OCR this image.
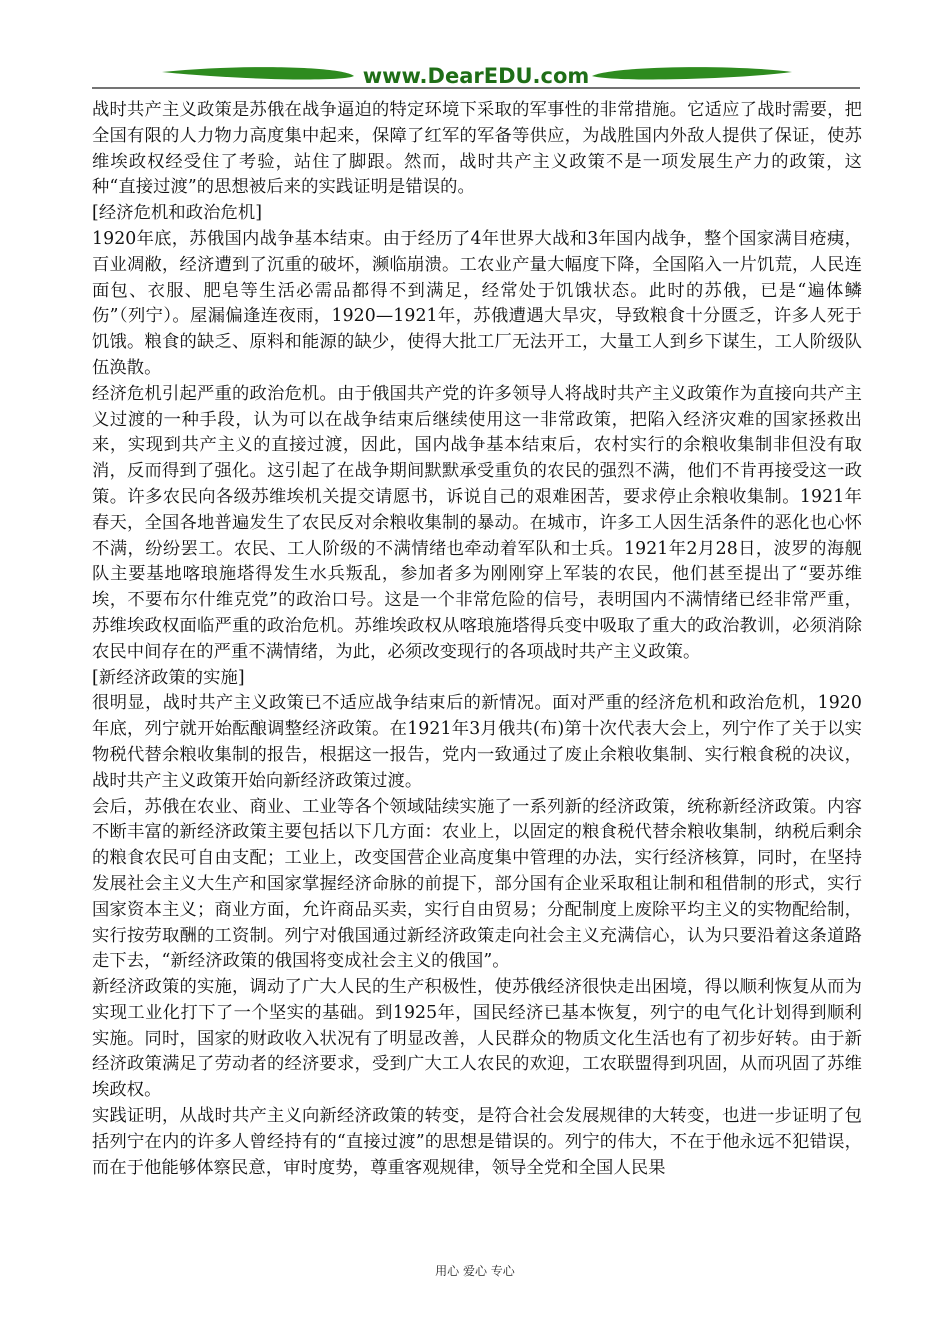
www.DearEDU.com

战时共产主义政策是苏俄在战争逼迫的特定环境下采取的军事性的非常措施。它适应了战时需要，把全国有限的人力物力高度集中起来，保障了红军的军备等供应，为战胜国内外敌人提供了保证，使苏维埃政权经受住了考验，站住了脚跟。然而，战时共产主义政策不是一项发展生产力的政策，这种“直接过渡”的思想被后来的实践证明是错误的。

[经济危机和政治危机]

1920年底，苏俄国内战争基本结束。由于经历了4年世界大战和3年国内战争，整个国家满目疮痍，百业凋敝，经济遭到了沉重的破坏，濒临崩溃。工农业产量大幅度下降，全国陷入一片饥荒，人民连面包、衣服、肥皂等生活必需品都得不到满足，经常处于饥饿状态。此时的苏俄，已是“遍体鳞伤”（列宁）。屋漏偏逢连夜雨，1920—1921年，苏俄遭遇大旱灾，导致粮食十分匮乏，许多人死于饥饿。粮食的缺乏、原料和能源的缺少，使得大批工厂无法开工，大量工人到乡下谋生，工人阶级队伍涣散。

经济危机引起严重的政治危机。由于俄国共产党的许多领导人将战时共产主义政策作为直接向共产主义过渡的一种手段，认为可以在战争结束后继续使用这一非常政策，把陷入经济灾难的国家拯救出来，实现到共产主义的直接过渡，因此，国内战争基本结束后，农村实行的余粮收集制非但没有取消，反而得到了强化。这引起了在战争期间默默承受重负的农民的强烈不满，他们不肯再接受这一政策。许多农民向各级苏维埃机关提交请愿书，诉说自己的艰难困苦，要求停止余粮收集制。1921年春天，全国各地普遍发生了农民反对余粮收集制的暴动。在城市，许多工人因生活条件的恶化也心怀不满，纷纷罢工。农民、工人阶级的不满情绪也牵动着军队和士兵。1921年2月28日，波罗的海舰队主要基地喀琅施塔得发生水兵叛乱，参加者多为刚刚穿上军装的农民，他们甚至提出了“要苏维埃，不要布尔什维克党”的政治口号。这是一个非常危险的信号，表明国内不满情绪已经非常严重，苏维埃政权面临严重的政治危机。苏维埃政权从喀琅施塔得兵变中吸取了重大的政治教训，必须消除农民中间存在的严重不满情绪，为此，必须改变现行的各项战时共产主义政策。

[新经济政策的实施]

很明显，战时共产主义政策已不适应战争结束后的新情况。面对严重的经济危机和政治危机，1920年底，列宁就开始酝酿调整经济政策。在1921年3月俄共(布)第十次代表大会上，列宁作了关于以实物税代替余粮收集制的报告，根据这一报告，党内一致通过了废止余粮收集制、实行粮食税的决议，战时共产主义政策开始向新经济政策过渡。

会后，苏俄在农业、商业、工业等各个领域陆续实施了一系列新的经济政策，统称新经济政策。内容不断丰富的新经济政策主要包括以下几方面：农业上，以固定的粮食税代替余粮收集制，纳税后剩余的粮食农民可自由支配；工业上，改变国营企业高度集中管理的办法，实行经济核算，同时，在坚持发展社会主义大生产和国家掌握经济命脉的前提下，部分国有企业采取租让制和租借制的形式，实行国家资本主义；商业方面，允许商品买卖，实行自由贸易；分配制度上废除平均主义的实物配给制，实行按劳取酬的工资制。列宁对俄国通过新经济政策走向社会主义充满信心，认为只要沿着这条道路走下去，“新经济政策的俄国将变成社会主义的俄国”。

新经济政策的实施，调动了广大人民的生产积极性，使苏俄经济很快走出困境，得以顺利恢复从而为实现工业化打下了一个坚实的基础。到1925年，国民经济已基本恢复，列宁的电气化计划得到顺利实施。同时，国家的财政收入状况有了明显改善，人民群众的物质文化生活也有了初步好转。由于新经济政策满足了劳动者的经济要求，受到广大工人农民的欢迎，工农联盟得到巩固，从而巩固了苏维埃政权。

实践证明，从战时共产主义向新经济政策的转变，是符合社会发展规律的大转变，也进一步证明了包括列宁在内的许多人曾经持有的“直接过渡”的思想是错误的。列宁的伟大，不在于他永远不犯错误，而在于他能够体察民意，审时度势，尊重客观规律，领导全党和全国人民果

用心 爱心 专心
